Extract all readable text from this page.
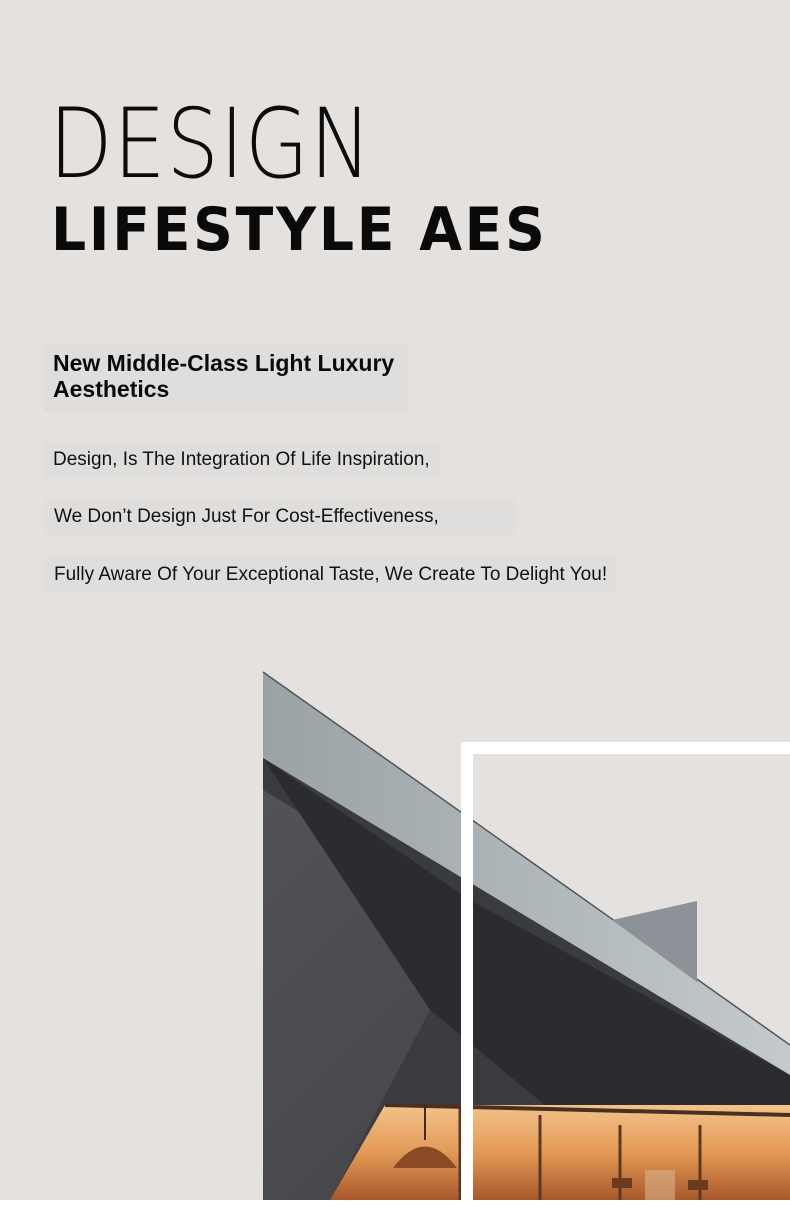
DESIGN
LIFESTYLE AES

New Middle-Class Light Luxury Aesthetics

Design, Is The Integration Of Life Inspiration,

We Don’t Design Just For Cost-Effectiveness,

Fully Aware Of Your Exceptional Taste, We Create To Delight You!
